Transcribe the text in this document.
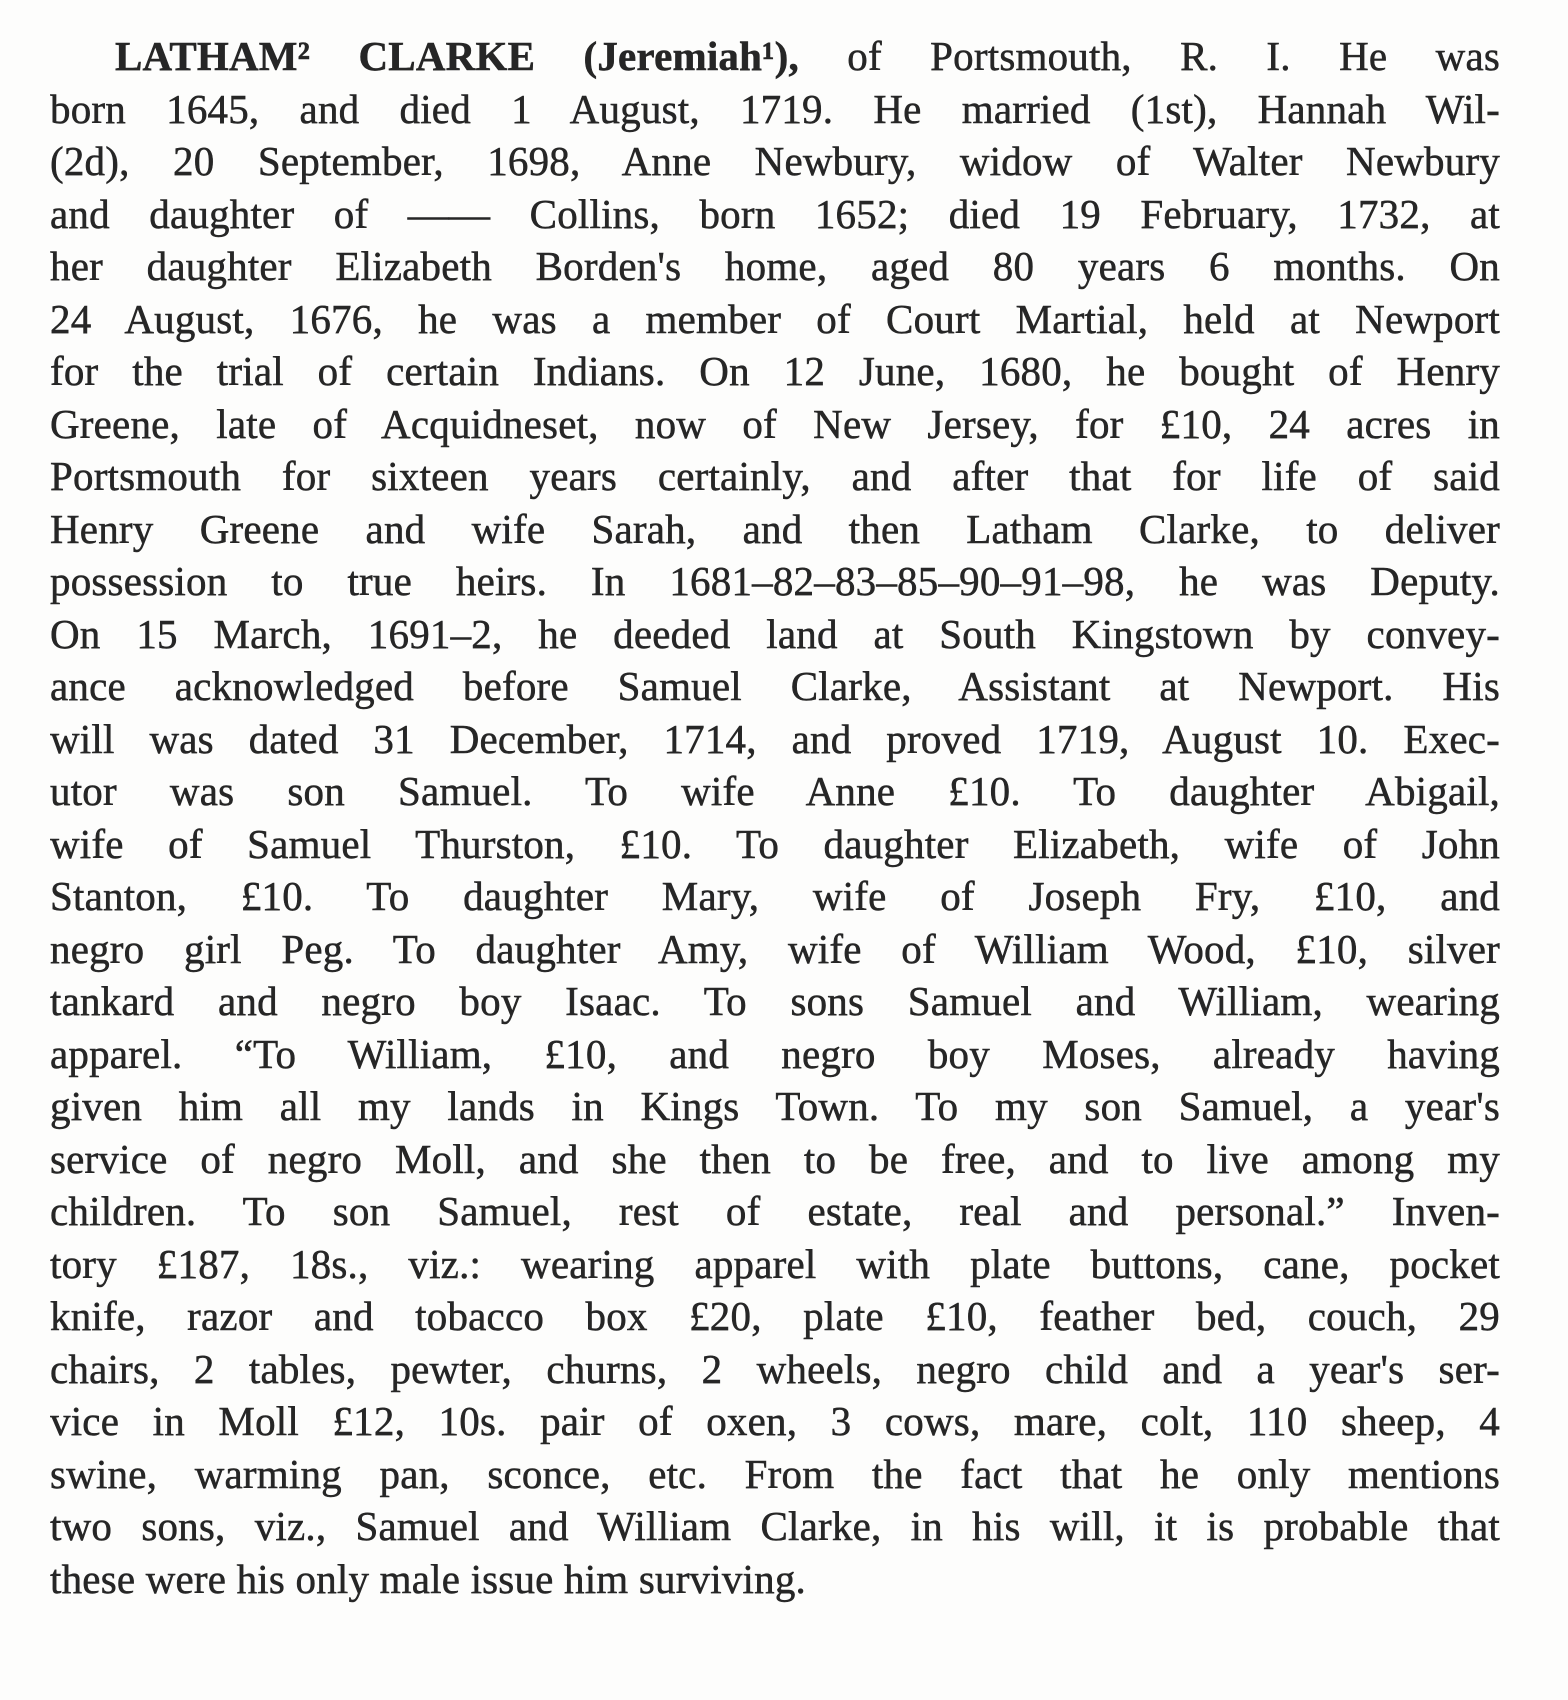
LATHAM² CLARKE (Jeremiah¹), of Portsmouth, R. I. He was
born 1645, and died 1 August, 1719. He married (1st), Hannah Wil-
(2d), 20 September, 1698, Anne Newbury, widow of Walter Newbury
and daughter of —— Collins, born 1652; died 19 February, 1732, at
her daughter Elizabeth Borden's home, aged 80 years 6 months. On
24 August, 1676, he was a member of Court Martial, held at Newport
for the trial of certain Indians. On 12 June, 1680, he bought of Henry
Greene, late of Acquidneset, now of New Jersey, for £10, 24 acres in
Portsmouth for sixteen years certainly, and after that for life of said
Henry Greene and wife Sarah, and then Latham Clarke, to deliver
possession to true heirs. In 1681–82–83–85–90–91–98, he was Deputy.
On 15 March, 1691–2, he deeded land at South Kingstown by convey-
ance acknowledged before Samuel Clarke, Assistant at Newport. His
will was dated 31 December, 1714, and proved 1719, August 10. Exec-
utor was son Samuel. To wife Anne £10. To daughter Abigail,
wife of Samuel Thurston, £10. To daughter Elizabeth, wife of John
Stanton, £10. To daughter Mary, wife of Joseph Fry, £10, and
negro girl Peg. To daughter Amy, wife of William Wood, £10, silver
tankard and negro boy Isaac. To sons Samuel and William, wearing
apparel. “To William, £10, and negro boy Moses, already having
given him all my lands in Kings Town. To my son Samuel, a year's
service of negro Moll, and she then to be free, and to live among my
children. To son Samuel, rest of estate, real and personal.” Inven-
tory £187, 18s., viz.: wearing apparel with plate buttons, cane, pocket
knife, razor and tobacco box £20, plate £10, feather bed, couch, 29
chairs, 2 tables, pewter, churns, 2 wheels, negro child and a year's ser-
vice in Moll £12, 10s. pair of oxen, 3 cows, mare, colt, 110 sheep, 4
swine, warming pan, sconce, etc. From the fact that he only mentions
two sons, viz., Samuel and William Clarke, in his will, it is probable that
these were his only male issue him surviving.
